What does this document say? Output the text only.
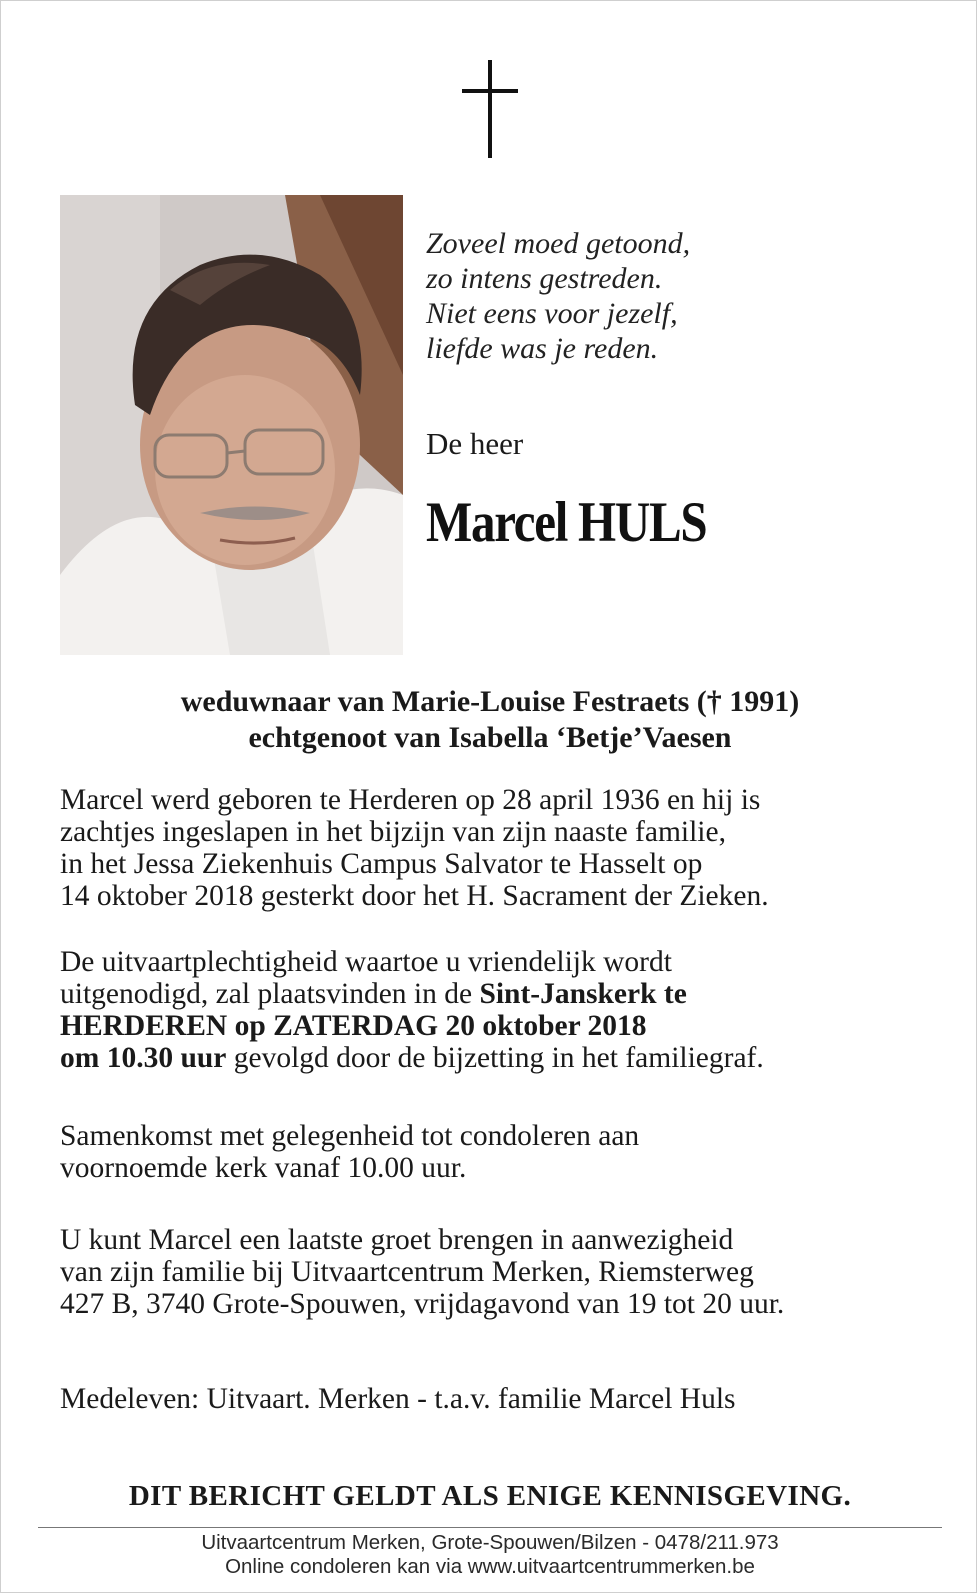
Zoveel moed getoond,
zo intens gestreden.
Niet eens voor jezelf,
liefde was je reden.
De heer
Marcel HULS
weduwnaar van Marie-Louise Festraets († 1991)
echtgenoot van Isabella ‘Betje’Vaesen
Marcel werd geboren te Herderen op 28 april 1936 en hij is
zachtjes ingeslapen in het bijzijn van zijn naaste familie,
in het Jessa Ziekenhuis Campus Salvator te Hasselt op
14 oktober 2018 gesterkt door het H. Sacrament der Zieken.
De uitvaartplechtigheid waartoe u vriendelijk wordt
uitgenodigd, zal plaatsvinden in de Sint-Janskerk te
HERDEREN op ZATERDAG 20 oktober 2018
om 10.30 uur gevolgd door de bijzetting in het familiegraf.
Samenkomst met gelegenheid tot condoleren aan
voornoemde kerk vanaf 10.00 uur.
U kunt Marcel een laatste groet brengen in aanwezigheid
van zijn familie bij Uitvaartcentrum Merken, Riemsterweg
427 B, 3740 Grote-Spouwen, vrijdagavond van 19 tot 20 uur.
Medeleven: Uitvaart. Merken - t.a.v. familie Marcel Huls
DIT BERICHT GELDT ALS ENIGE KENNISGEVING.
Uitvaartcentrum Merken, Grote-Spouwen/Bilzen - 0478/211.973
Online condoleren kan via www.uitvaartcentrummerken.be
